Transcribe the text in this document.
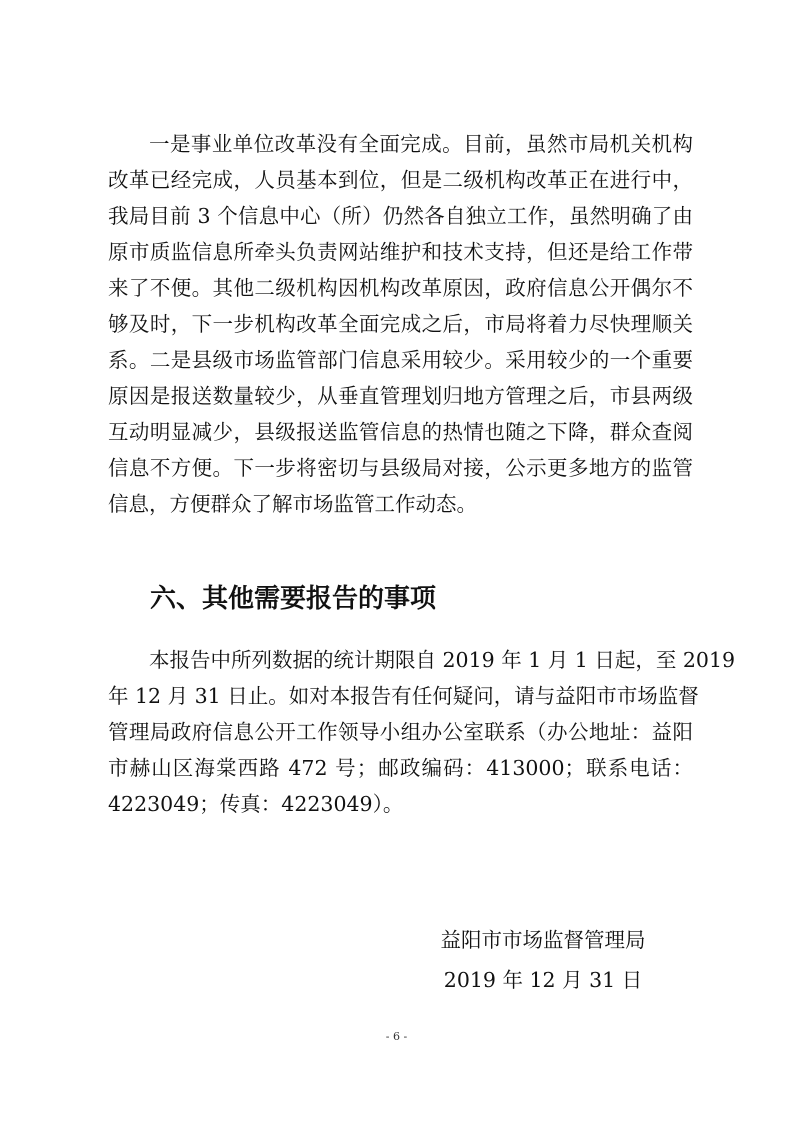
一是事业单位改革没有全面完成。目前，虽然市局机关机构
改革已经完成，人员基本到位，但是二级机构改革正在进行中，
我局目前 3 个信息中心（所）仍然各自独立工作，虽然明确了由
原市质监信息所牵头负责网站维护和技术支持，但还是给工作带
来了不便。其他二级机构因机构改革原因，政府信息公开偶尔不
够及时，下一步机构改革全面完成之后，市局将着力尽快理顺关
系。二是县级市场监管部门信息采用较少。采用较少的一个重要
原因是报送数量较少，从垂直管理划归地方管理之后，市县两级
互动明显减少，县级报送监管信息的热情也随之下降，群众查阅
信息不方便。下一步将密切与县级局对接，公示更多地方的监管
信息，方便群众了解市场监管工作动态。
六、其他需要报告的事项
本报告中所列数据的统计期限自 2019 年 1 月 1 日起，至 2019
年 12 月 31 日止。如对本报告有任何疑问，请与益阳市市场监督
管理局政府信息公开工作领导小组办公室联系（办公地址：益阳
市赫山区海棠西路 472 号；邮政编码：413000；联系电话：
4223049；传真：4223049）。
益阳市市场监督管理局
2019 年 12 月 31 日
- 6 -
